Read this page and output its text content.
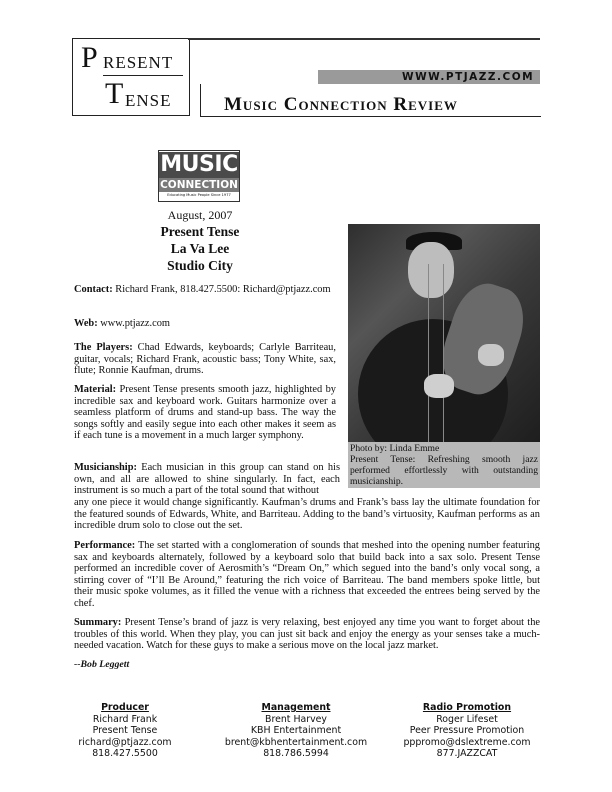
P RESENT
T ENSE
WWW.PTJAZZ.COM
Music Connection Review
MUSIC
CONNECTION
Educating Music People Since 1977
August, 2007
Present Tense
La Va Lee
Studio City

Photo by: Linda Emme

Present Tense: Refreshing smooth jazz performed effortlessly with outstanding musicianship.

Contact: Richard Frank, 818.427.5500: Richard@ptjazz.com

Web: www.ptjazz.com

The Players: Chad Edwards, keyboards; Carlyle Barriteau, guitar, vocals; Richard Frank, acoustic bass; Tony White, sax, flute; Ronnie Kaufman, drums.

Material: Present Tense presents smooth jazz, highlighted by incredible sax and keyboard work. Guitars harmonize over a seamless platform of drums and stand-up bass. The way the songs softly and easily segue into each other makes it seem as if each tune is a movement in a much larger symphony.

Musicianship: Each musician in this group can stand on his own, and all are allowed to shine singularly. In fact, each instrument is so much a part of the total sound that without

any one piece it would change significantly. Kaufman’s drums and Frank’s bass lay the ultimate foundation for the featured sounds of Edwards, White, and Barriteau. Adding to the band’s virtuosity, Kaufman performs as an incredible drum solo to close out the set.

Performance: The set started with a conglomeration of sounds that meshed into the opening number featuring sax and keyboards alternately, followed by a keyboard solo that build back into a sax solo. Present Tense performed an incredible cover of Aerosmith’s “Dream On,” which segued into the band’s only vocal song, a stirring cover of “I’ll Be Around,” featuring the rich voice of Barriteau. The band members spoke little, but their music spoke volumes, as it filled the venue with a richness that exceeded the entrees being served by the chef.

Summary: Present Tense’s brand of jazz is very relaxing, best enjoyed any time you want to forget about the troubles of this world. When they play, you can just sit back and enjoy the energy as your senses take a much-needed vacation. Watch for these guys to make a serious move on the local jazz market.

--Bob Leggett
Producer
Richard Frank
Present Tense
richard@ptjazz.com
818.427.5500
Management
Brent Harvey
KBH Entertainment
brent@kbhentertainment.com
818.786.5994
Radio Promotion
Roger Lifeset
Peer Pressure Promotion
pppromo@dslextreme.com
877.JAZZCAT
